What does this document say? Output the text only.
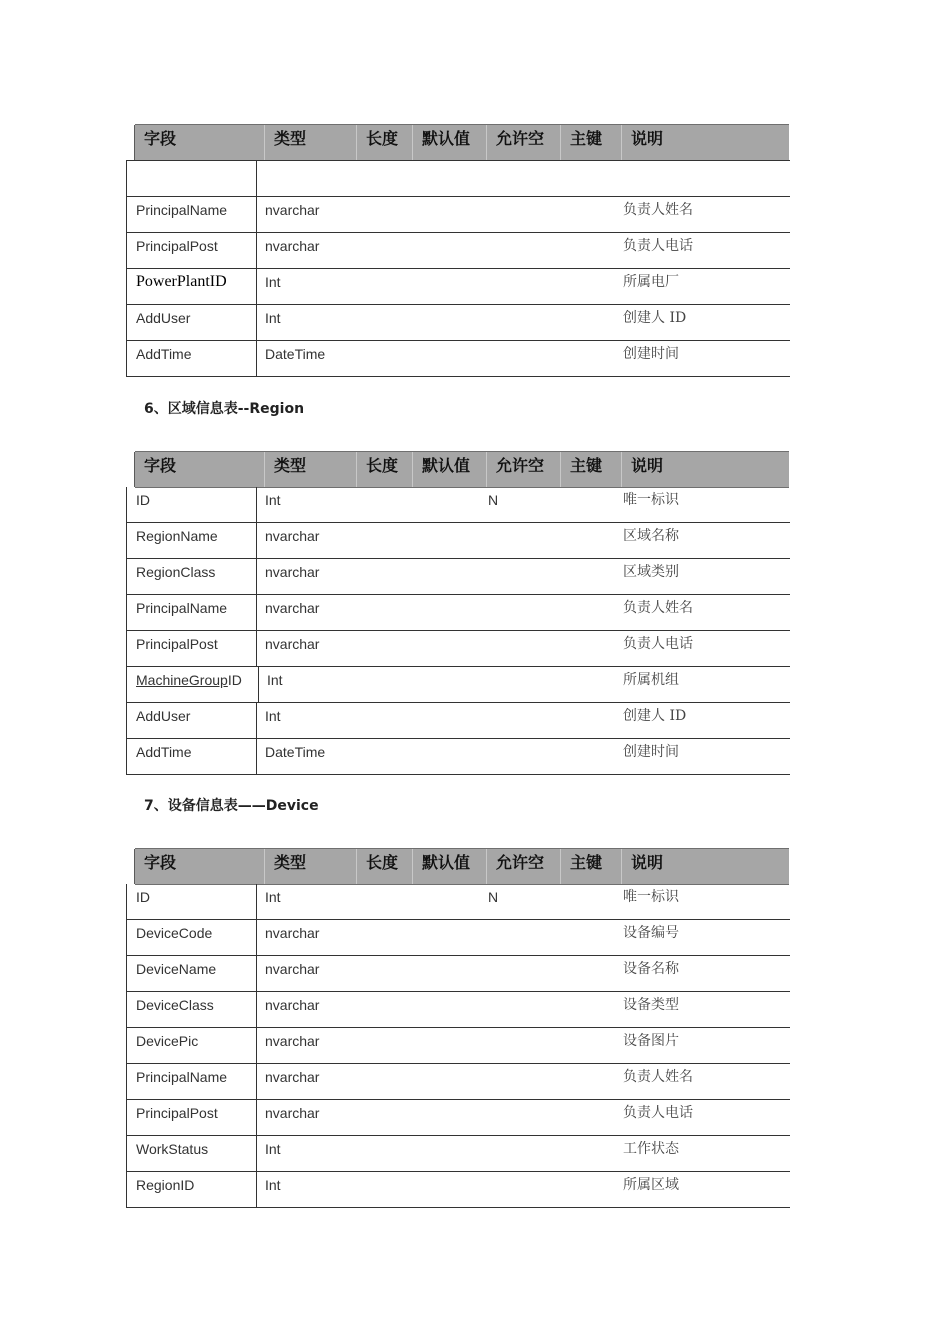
字段	类型	长度	默认值	允许空	主键	说明
PrincipalName	nvarchar	负责人姓名
PrincipalPost	nvarchar	负责人电话
PowerPlantID	Int	所属电厂
AddUser	Int	创建人 ID
AddTime	DateTime	创建时间
6、区域信息表--Region
字段	类型	长度	默认值	允许空	主键	说明
ID	Int	N	唯一标识
RegionName	nvarchar	区域名称
RegionClass	nvarchar	区域类别
PrincipalName	nvarchar	负责人姓名
PrincipalPost	nvarchar	负责人电话
MachineGroupID Int	所属机组
AddUser	Int	创建人 ID
AddTime	DateTime	创建时间
7、设备信息表——Device
字段	类型	长度	默认值	允许空	主键	说明
ID	Int	N	唯一标识
DeviceCode	nvarchar	设备编号
DeviceName	nvarchar	设备名称
DeviceClass	nvarchar	设备类型
DevicePic	nvarchar	设备图片
PrincipalName	nvarchar	负责人姓名
PrincipalPost	nvarchar	负责人电话
WorkStatus	Int	工作状态
RegionID	Int	所属区域
